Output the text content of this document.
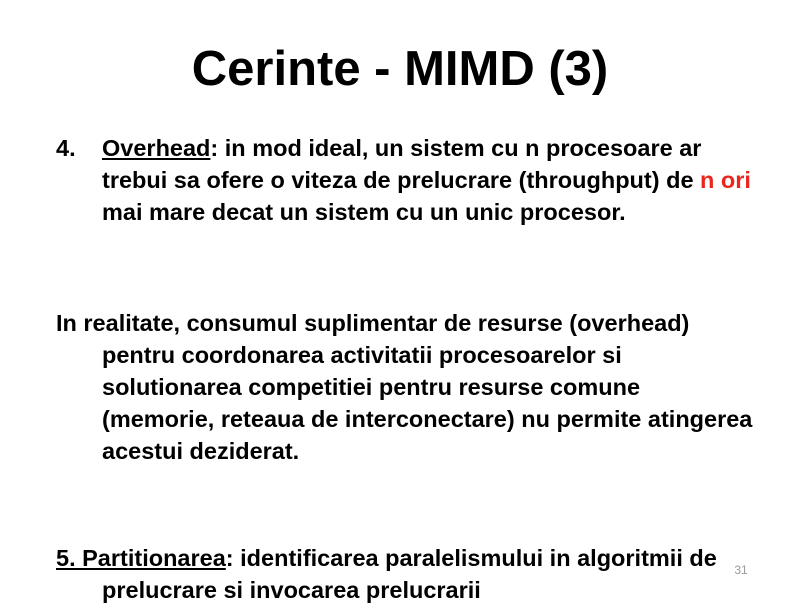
Cerinte - MIMD (3)

4. Overhead: in mod ideal, un sistem cu n procesoare ar trebui sa ofere o viteza de prelucrare (throughput) de n ori mai mare decat un sistem cu un unic procesor.

In realitate, consumul suplimentar de resurse (overhead) pentru coordonarea activitatii procesoarelor si solutionarea competitiei pentru resurse comune (memorie, reteaua de interconectare) nu permite atingerea acestui deziderat.

5. Partitionarea: identificarea paralelismului in algoritmii de prelucrare si invocarea prelucrarii

31
